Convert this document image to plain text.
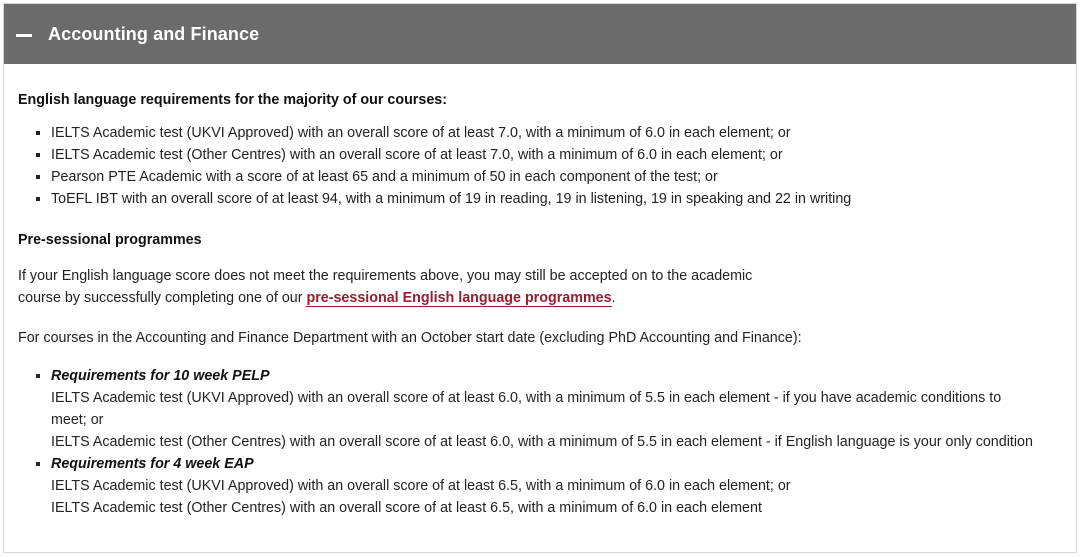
Accounting and Finance

English language requirements for the majority of our courses:

IELTS Academic test (UKVI Approved) with an overall score of at least 7.0, with a minimum of 6.0 in each element; or
IELTS Academic test (Other Centres) with an overall score of at least 7.0, with a minimum of 6.0 in each element; or
Pearson PTE Academic with a score of at least 65 and a minimum of 50 in each component of the test; or
ToEFL IBT with an overall score of at least 94, with a minimum of 19 in reading, 19 in listening, 19 in speaking and 22 in writing

Pre-sessional programmes

If your English language score does not meet the requirements above, you may still be accepted on to the academic
course by successfully completing one of our pre-sessional English language programmes.

For courses in the Accounting and Finance Department with an October start date (excluding PhD Accounting and Finance):

Requirements for 10 week PELP
IELTS Academic test (UKVI Approved) with an overall score of at least 6.0, with a minimum of 5.5 in each element - if you have academic conditions to
meet; or
IELTS Academic test (Other Centres) with an overall score of at least 6.0, with a minimum of 5.5 in each element - if English language is your only condition
Requirements for 4 week EAP
IELTS Academic test (UKVI Approved) with an overall score of at least 6.5, with a minimum of 6.0 in each element; or
IELTS Academic test (Other Centres) with an overall score of at least 6.5, with a minimum of 6.0 in each element
